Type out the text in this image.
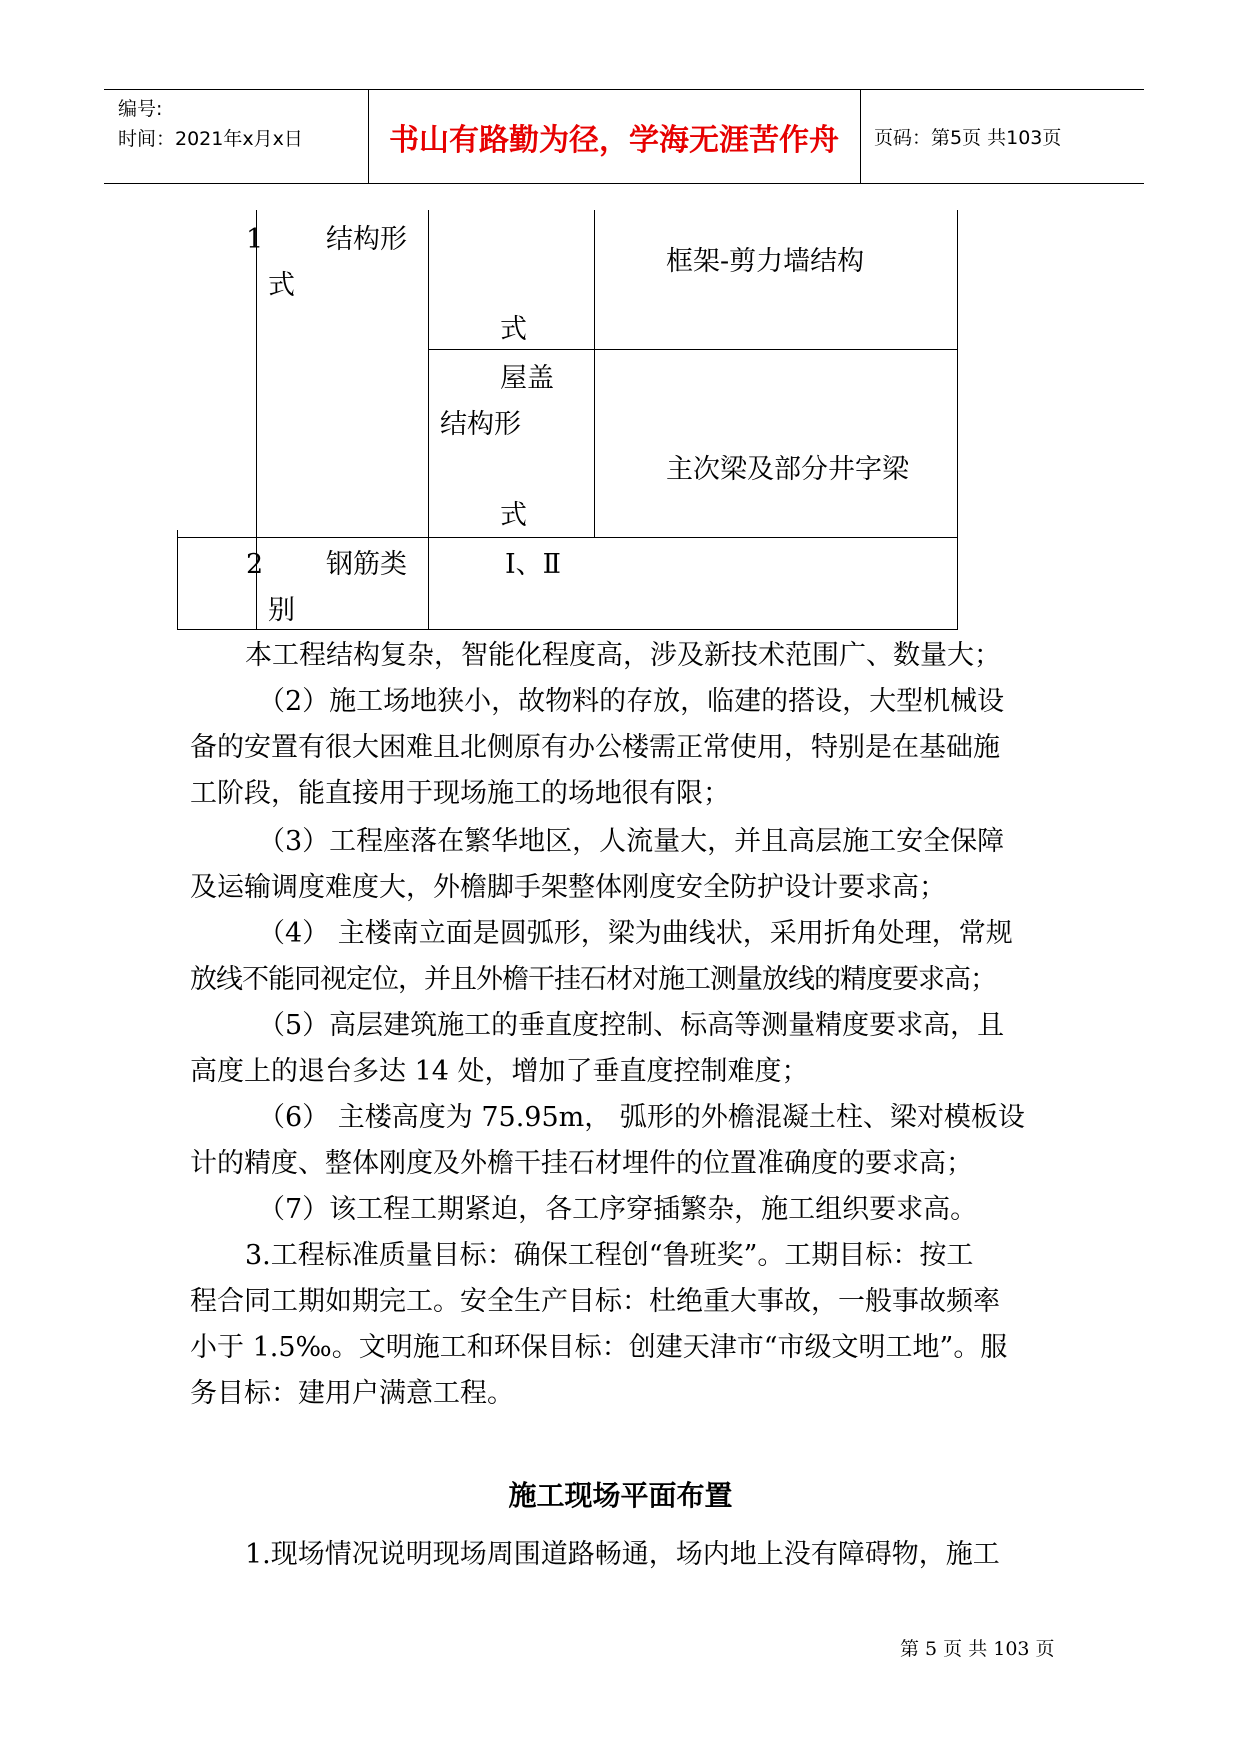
编号:
时间：2021年x月x日	书山有路勤为径，学海无涯苦作舟	页码：第5页 共103页
1 结构形
式
式
框架-剪力墙结构
屋盖
结构形
式
主次梁及部分井字梁
2 钢筋类
别
Ⅰ、Ⅱ
本工程结构复杂，智能化程度高，涉及新技术范围广、数量大；
（2）施工场地狭小，故物料的存放，临建的搭设，大型机械设
备的安置有很大困难且北侧原有办公楼需正常使用，特别是在基础施
工阶段，能直接用于现场施工的场地很有限；
（3）工程座落在繁华地区，人流量大，并且高层施工安全保障
及运输调度难度大，外檐脚手架整体刚度安全防护设计要求高；
（4） 主楼南立面是圆弧形，梁为曲线状，采用折角处理，常规
放线不能同视定位，并且外檐干挂石材对施工测量放线的精度要求高；
（5）高层建筑施工的垂直度控制、标高等测量精度要求高，且
高度上的退台多达 14 处，增加了垂直度控制难度；
（6） 主楼高度为 75.95m， 弧形的外檐混凝土柱、梁对模板设
计的精度、整体刚度及外檐干挂石材埋件的位置准确度的要求高；
（7）该工程工期紧迫，各工序穿插繁杂，施工组织要求高。
3.工程标准质量目标：确保工程创“鲁班奖”。工期目标：按工
程合同工期如期完工。安全生产目标：杜绝重大事故，一般事故频率
小于 1.5‰。文明施工和环保目标：创建天津市“市级文明工地”。服
务目标：建用户满意工程。
施工现场平面布置
1.现场情况说明现场周围道路畅通，场内地上没有障碍物，施工
第 5 页 共 103 页
